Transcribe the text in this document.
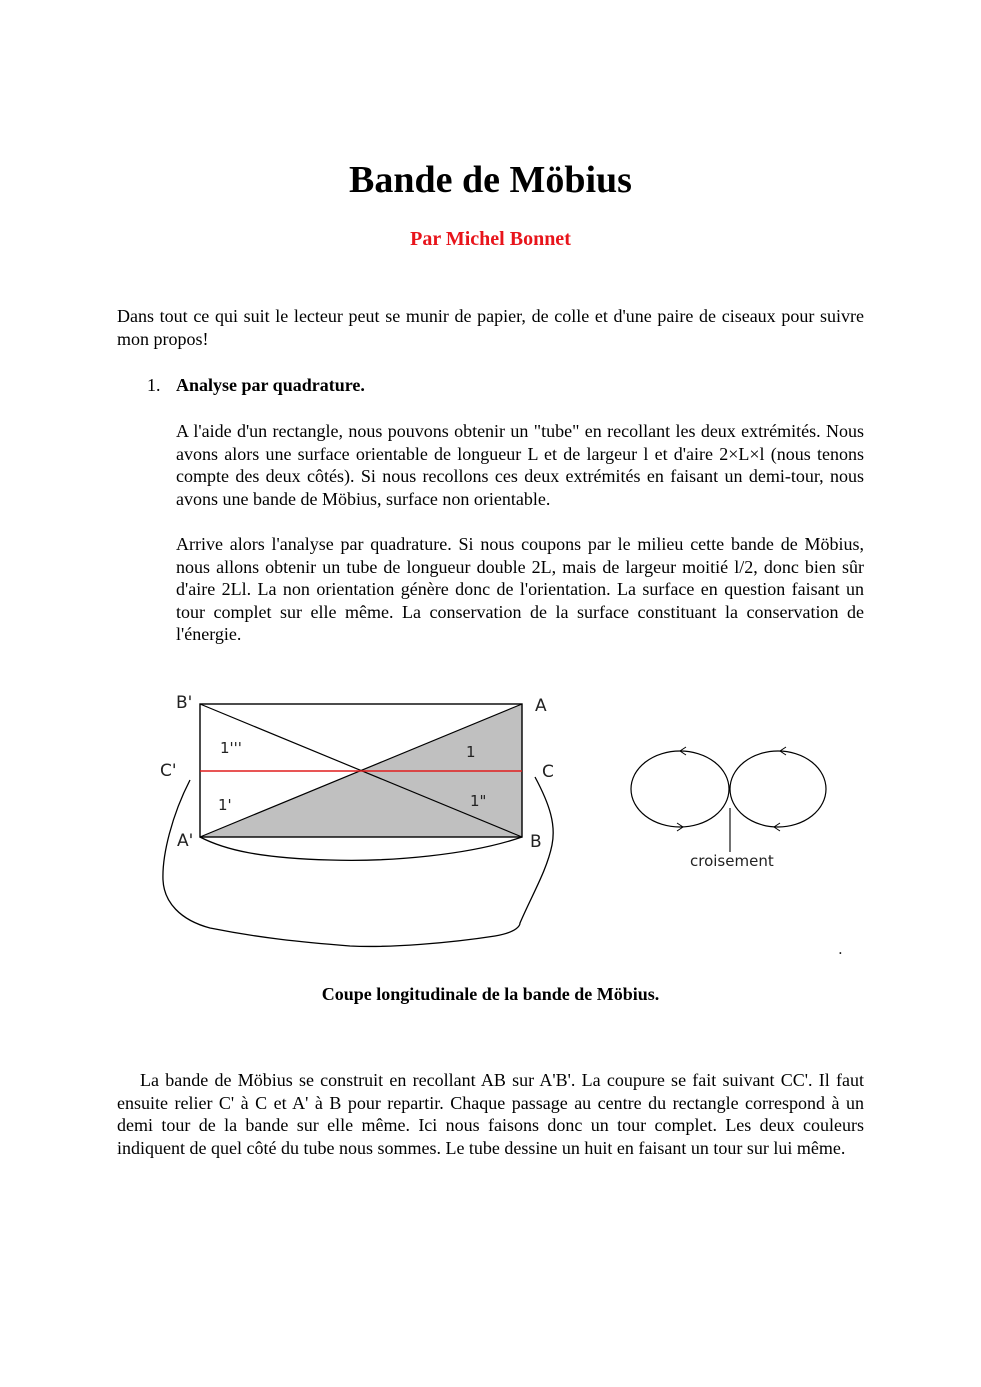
Bande de Möbius
Par Michel Bonnet

Dans tout ce qui suit le lecteur peut se munir de papier, de colle et d'une paire de ciseaux pour suivre mon propos!

1. Analyse par quadrature.

A l'aide d'un rectangle, nous pouvons obtenir un "tube" en recollant les deux extrémités. Nous avons alors une surface orientable de longueur L et de largeur l et d'aire 2×L×l (nous tenons compte des deux côtés). Si nous recollons ces deux extrémités en faisant un demi-tour, nous avons une bande de Möbius, surface non orientable.

Arrive alors l'analyse par quadrature. Si nous coupons par le milieu cette bande de Möbius, nous allons obtenir un tube de longueur double 2L, mais de largeur moitié l/2, donc bien sûr d'aire 2Ll. La non orientation génère donc de l'orientation. La surface en question faisant un tour complet sur elle même. La conservation de la surface constituant la conservation de l'énergie.

B'	A
C'	C
A'	B
1'''	1
1'	1"
croisement
.
Coupe longitudinale de la bande de Möbius.

La bande de Möbius se construit en recollant AB sur A'B'. La coupure se fait suivant CC'. Il faut ensuite relier C' à C et A' à B pour repartir. Chaque passage au centre du rectangle correspond à un demi tour de la bande sur elle même. Ici nous faisons donc un tour complet. Les deux couleurs indiquent de quel côté du tube nous sommes. Le tube dessine un huit en faisant un tour sur lui même.
